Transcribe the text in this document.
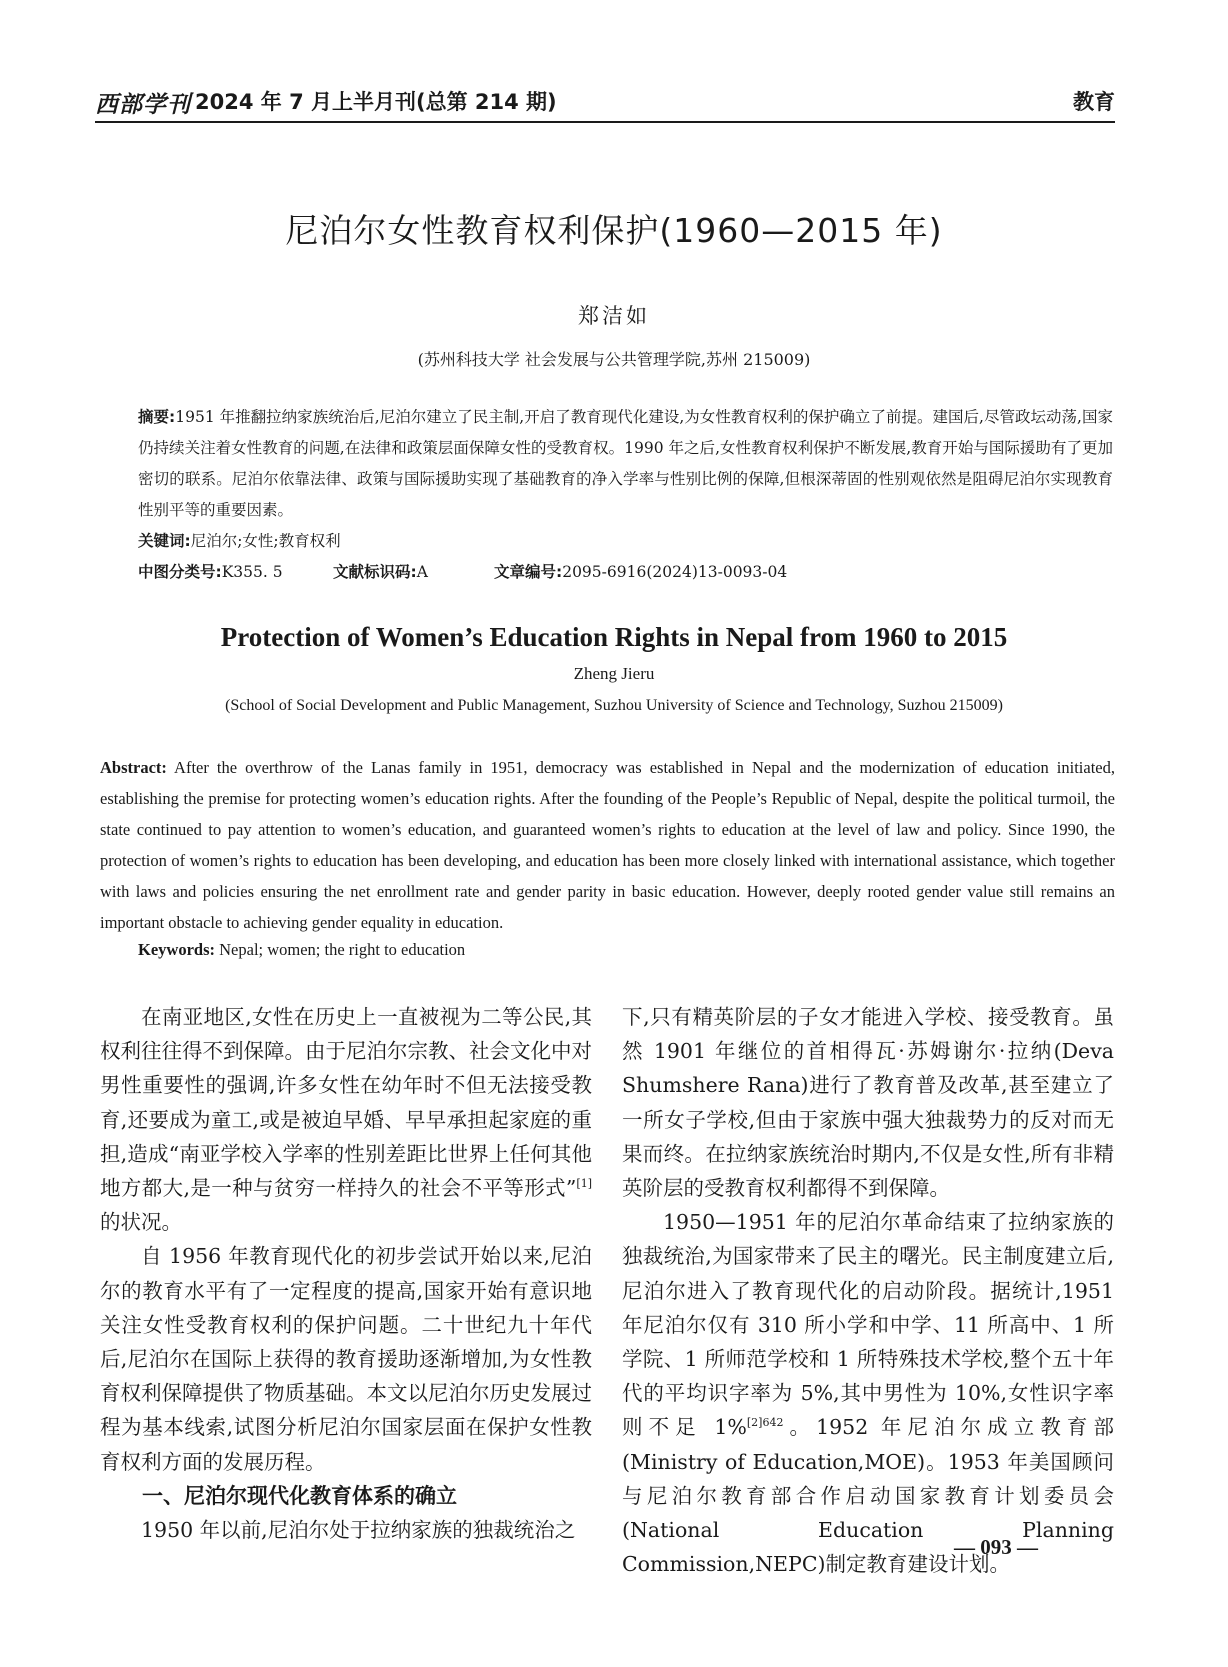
西部学刊 2024 年 7 月上半月刊(总第 214 期)	教育
尼泊尔女性教育权利保护(1960—2015 年)
郑洁如
(苏州科技大学 社会发展与公共管理学院,苏州 215009)
摘要:1951 年推翻拉纳家族统治后,尼泊尔建立了民主制,开启了教育现代化建设,为女性教育权利的保护确立了前提。建国后,尽管政坛动荡,国家仍持续关注着女性教育的问题,在法律和政策层面保障女性的受教育权。1990 年之后,女性教育权利保护不断发展,教育开始与国际援助有了更加密切的联系。尼泊尔依靠法律、政策与国际援助实现了基础教育的净入学率与性别比例的保障,但根深蒂固的性别观依然是阻碍尼泊尔实现教育性别平等的重要因素。
关键词:尼泊尔;女性;教育权利
中图分类号:K355. 5	文献标识码:A	文章编号:2095-6916(2024)13-0093-04
Protection of Women’s Education Rights in Nepal from 1960 to 2015
Zheng Jieru
(School of Social Development and Public Management, Suzhou University of Science and Technology, Suzhou 215009)
Abstract: After the overthrow of the Lanas family in 1951, democracy was established in Nepal and the modernization of education initiated, establishing the premise for protecting women’s education rights. After the founding of the People’s Republic of Nepal, despite the political turmoil, the state continued to pay attention to women’s education, and guaranteed women’s rights to education at the level of law and policy. Since 1990, the protection of women’s rights to education has been developing, and education has been more closely linked with international assistance, which together with laws and policies ensuring the net enrollment rate and gender parity in basic education. However, deeply rooted gender value still remains an important obstacle to achieving gender equality in education.
Keywords: Nepal; women; the right to education

在南亚地区,女性在历史上一直被视为二等公民,其权利往往得不到保障。由于尼泊尔宗教、社会文化中对男性重要性的强调,许多女性在幼年时不但无法接受教育,还要成为童工,或是被迫早婚、早早承担起家庭的重担,造成“南亚学校入学率的性别差距比世界上任何其他地方都大,是一种与贫穷一样持久的社会不平等形式”[1]的状况。

自 1956 年教育现代化的初步尝试开始以来,尼泊尔的教育水平有了一定程度的提高,国家开始有意识地关注女性受教育权利的保护问题。二十世纪九十年代后,尼泊尔在国际上获得的教育援助逐渐增加,为女性教育权利保障提供了物质基础。本文以尼泊尔历史发展过程为基本线索,试图分析尼泊尔国家层面在保护女性教育权利方面的发展历程。

一、尼泊尔现代化教育体系的确立

1950 年以前,尼泊尔处于拉纳家族的独裁统治之

下,只有精英阶层的子女才能进入学校、接受教育。虽然 1901 年继位的首相得瓦·苏姆谢尔·拉纳(Deva Shumshere Rana)进行了教育普及改革,甚至建立了一所女子学校,但由于家族中强大独裁势力的反对而无果而终。在拉纳家族统治时期内,不仅是女性,所有非精英阶层的受教育权利都得不到保障。

1950—1951 年的尼泊尔革命结束了拉纳家族的独裁统治,为国家带来了民主的曙光。民主制度建立后,尼泊尔进入了教育现代化的启动阶段。据统计,1951 年尼泊尔仅有 310 所小学和中学、11 所高中、1 所学院、1 所师范学校和 1 所特殊技术学校,整个五十年代的平均识字率为 5%,其中男性为 10%,女性识字率则不足 1%$^{[2]642}$。1952 年尼泊尔成立教育部(Ministry of Education,MOE)。1953 年美国顾问与尼泊尔教育部合作启动国家教育计划委员会(National Education Planning Commission,NEPC)制定教育建设计划。

— 093 —
